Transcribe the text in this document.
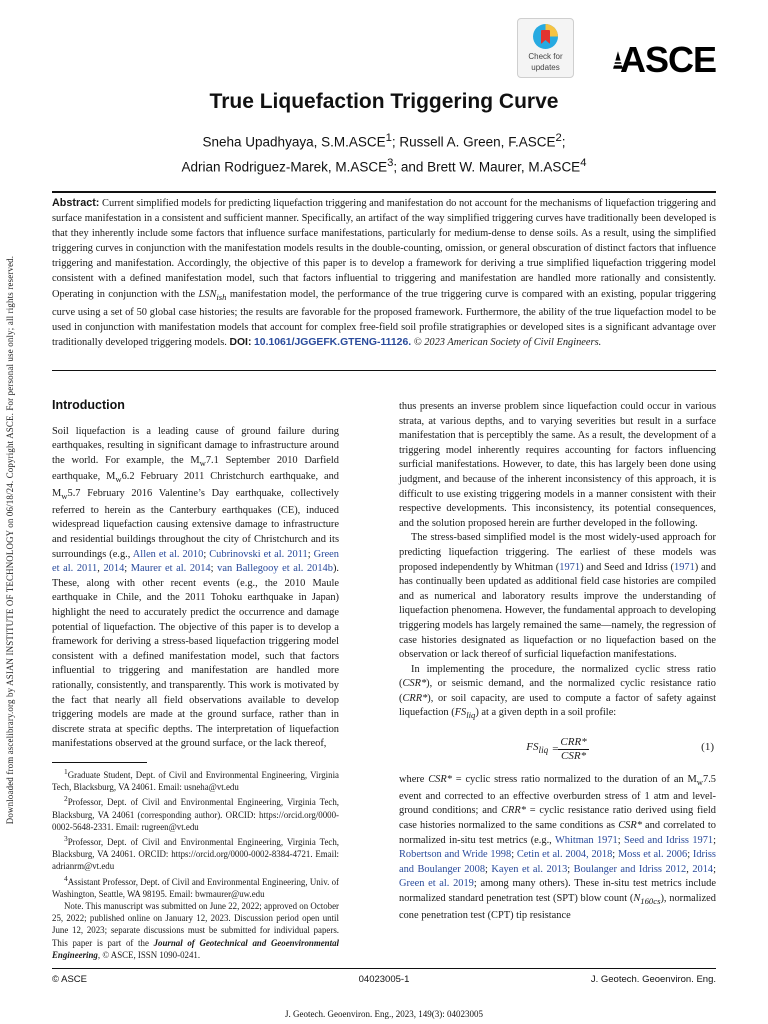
Downloaded from ascelibrary.org by ASIAN INSTITUTE OF TECHNOLOGY on 06/18/24. Copyright ASCE. For personal use only; all rights reserved.
Check for
updates ASCE
True Liquefaction Triggering Curve
Sneha Upadhyaya, S.M.ASCE$^1$; Russell A. Green, F.ASCE$^2$;
Adrian Rodriguez-Marek, M.ASCE$^3$; and Brett W. Maurer, M.ASCE$^4$
Abstract: Current simplified models for predicting liquefaction triggering and manifestation do not account for the mechanisms of liquefaction triggering and surface manifestation in a consistent and sufficient manner. Specifically, an artifact of the way simplified triggering curves have traditionally been developed is that they inherently include some factors that influence surface manifestations, particularly for medium-dense to dense soils. As a result, using the simplified triggering curves in conjunction with the manifestation models results in the double-counting, omission, or general obscuration of distinct factors that influence triggering and manifestation. Accordingly, the objective of this paper is to develop a framework for deriving a true simplified liquefaction triggering model consistent with a defined manifestation model, such that factors influential to triggering and manifestation are handled more rationally and consistently. Operating in conjunction with the $LSN_{ish}$ manifestation model, the performance of the true triggering curve is compared with an existing, popular triggering curve using a set of 50 global case histories; the results are favorable for the proposed framework. Furthermore, the ability of the true liquefaction model to be used in conjunction with manifestation models that account for complex free-field soil profile stratigraphies or developed sites is a significant advantage over traditionally developed triggering models. DOI: 10.1061/JGGEFK.GTENG-11126. © 2023 American Society of Civil Engineers.
Introduction

Soil liquefaction is a leading cause of ground failure during earthquakes, resulting in significant damage to infrastructure around the world. For example, the $M_w7.1$ September 2010 Darfield earthquake, $M_w6.2$ February 2011 Christchurch earthquake, and $M_w5.7$ February 2016 Valentine’s Day earthquake, collectively referred to herein as the Canterbury earthquakes (CE), induced widespread liquefaction causing extensive damage to infrastructure and residential buildings throughout the city of Christchurch and its surroundings (e.g., Allen et al. 2010; Cubrinovski et al. 2011; Green et al. 2011, 2014; Maurer et al. 2014; van Ballegooy et al. 2014b). These, along with other recent events (e.g., the 2010 Maule earthquake in Chile, and the 2011 Tohoku earthquake in Japan) highlight the need to accurately predict the occurrence and damage potential of liquefaction. The objective of this paper is to develop a framework for deriving a stress-based liquefaction triggering model consistent with a defined manifestation model, such that factors influential to triggering and manifestation are handled more rationally, consistently, and transparently. This work is motivated by the fact that nearly all field observations available to develop triggering models are made at the ground surface, rather than in discrete strata at specific depths. The interpretation of liquefaction manifestations observed at the ground surface, or the lack thereof,

thus presents an inverse problem since liquefaction could occur in various strata, at various depths, and to varying severities but result in a surface manifestation that is perceptibly the same. As a result, the development of a triggering model inherently requires accounting for factors influencing surficial manifestations. However, to date, this has largely been done using judgment, and because of the inherent inconsistency of this approach, it is difficult to use existing triggering models in a manner consistent with their respective developments. This inconsistency, its potential consequences, and the solution proposed herein are further developed in the following.

The stress-based simplified model is the most widely-used approach for predicting liquefaction triggering. The earliest of these models was proposed independently by Whitman (1971) and Seed and Idriss (1971) and has continually been updated as additional field case histories are compiled and as numerical and laboratory results improve the understanding of liquefaction phenomena. However, the fundamental approach to developing triggering models has largely remained the same—namely, the regression of case histories designated as liquefaction or no liquefaction based on the observation or lack thereof of surficial liquefaction manifestations.

In implementing the procedure, the normalized cyclic stress ratio (CSR*), or seismic demand, and the normalized cyclic resistance ratio (CRR*), or soil capacity, are used to compute a factor of safety against liquefaction $(FS_{liq})$ at a given depth in a soil profile:

$FS_{liq} = \frac{\text{CRR*}}{\text{CSR*}}$	(1)

where CSR* = cyclic stress ratio normalized to the duration of an $M_w7.5$ event and corrected to an effective overburden stress of 1 atm and level-ground conditions; and CRR* = cyclic resistance ratio derived using field case histories normalized to the same conditions as CSR* and correlated to normalized in-situ test metrics (e.g., Whitman 1971; Seed and Idriss 1971; Robertson and Wride 1998; Cetin et al. 2004, 2018; Moss et al. 2006; Idriss and Boulanger 2008; Kayen et al. 2013; Boulanger and Idriss 2012, 2014; Green et al. 2019; among many others). These in-situ test metrics include normalized standard penetration test (SPT) blow count $(N_{160cs})$, normalized cone penetration test (CPT) tip resistance

$^1$Graduate Student, Dept. of Civil and Environmental Engineering, Virginia Tech, Blacksburg, VA 24061. Email: usneha@vt.edu

$^2$Professor, Dept. of Civil and Environmental Engineering, Virginia Tech, Blacksburg, VA 24061 (corresponding author). ORCID: https://orcid.org/0000-0002-5648-2331. Email: rugreen@vt.edu

$^3$Professor, Dept. of Civil and Environmental Engineering, Virginia Tech, Blacksburg, VA 24061. ORCID: https://orcid.org/0000-0002-8384-4721. Email: adrianrm@vt.edu

$^4$Assistant Professor, Dept. of Civil and Environmental Engineering, Univ. of Washington, Seattle, WA 98195. Email: bwmaurer@uw.edu

Note. This manuscript was submitted on June 22, 2022; approved on October 25, 2022; published online on January 12, 2023. Discussion period open until June 12, 2023; separate discussions must be submitted for individual papers. This paper is part of the Journal of Geotechnical and Geoenvironmental Engineering, © ASCE, ISSN 1090-0241.

© ASCE	04023005-1	J. Geotech. Geoenviron. Eng.
J. Geotech. Geoenviron. Eng., 2023, 149(3): 04023005
